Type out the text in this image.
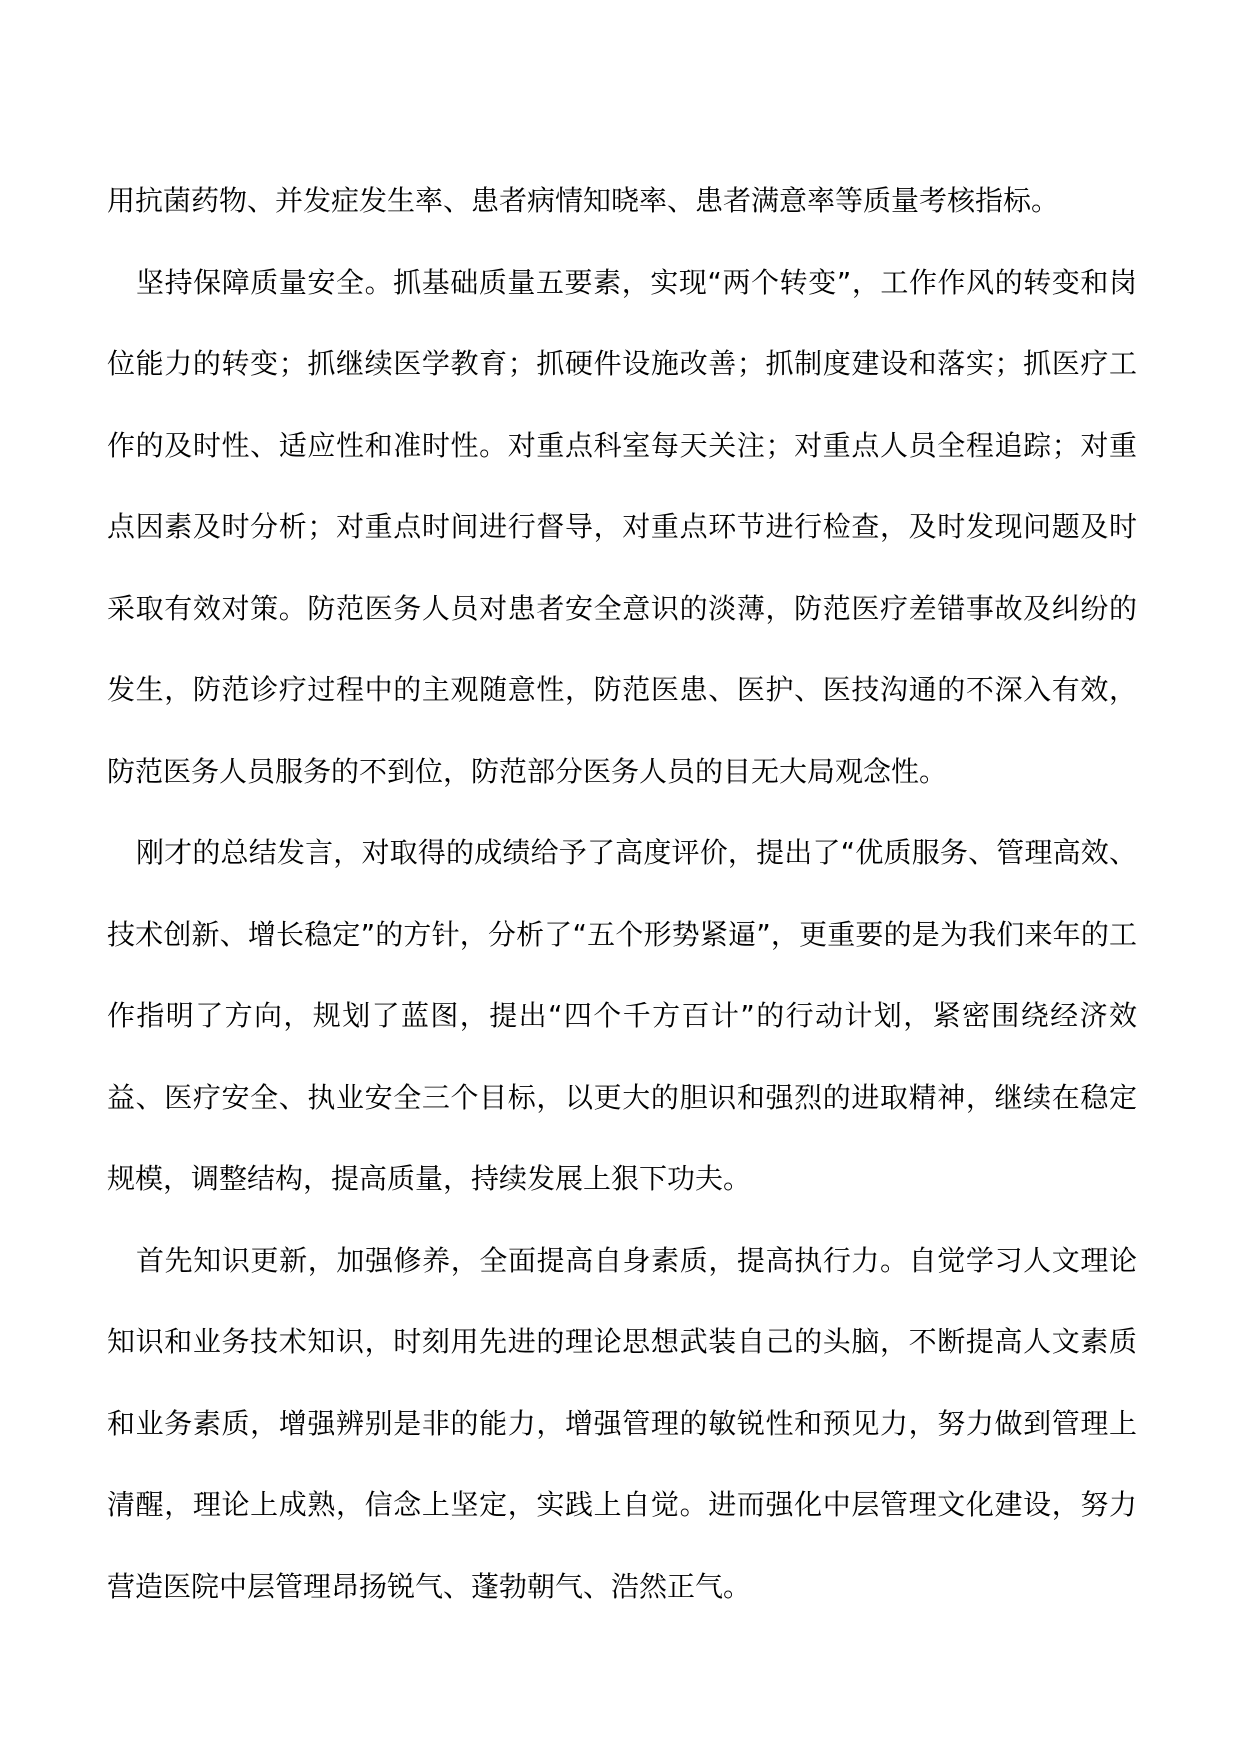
用抗菌药物、并发症发生率、患者病情知晓率、患者满意率等质量考核指标。

坚持保障质量安全。抓基础质量五要素，实现“两个转变”，工作作风的转变和岗位能力的转变；抓继续医学教育；抓硬件设施改善；抓制度建设和落实；抓医疗工作的及时性、适应性和准时性。对重点科室每天关注；对重点人员全程追踪；对重点因素及时分析；对重点时间进行督导，对重点环节进行检查，及时发现问题及时采取有效对策。防范医务人员对患者安全意识的淡薄，防范医疗差错事故及纠纷的发生，防范诊疗过程中的主观随意性，防范医患、医护、医技沟通的不深入有效，防范医务人员服务的不到位，防范部分医务人员的目无大局观念性。

刚才的总结发言，对取得的成绩给予了高度评价，提出了“优质服务、管理高效、技术创新、增长稳定”的方针，分析了“五个形势紧逼”，更重要的是为我们来年的工作指明了方向，规划了蓝图，提出“四个千方百计”的行动计划，紧密围绕经济效益、医疗安全、执业安全三个目标，以更大的胆识和强烈的进取精神，继续在稳定规模，调整结构，提高质量，持续发展上狠下功夫。

首先知识更新，加强修养，全面提高自身素质，提高执行力。自觉学习人文理论知识和业务技术知识，时刻用先进的理论思想武装自己的头脑，不断提高人文素质和业务素质，增强辨别是非的能力，增强管理的敏锐性和预见力，努力做到管理上清醒，理论上成熟，信念上坚定，实践上自觉。进而强化中层管理文化建设，努力营造医院中层管理昂扬锐气、蓬勃朝气、浩然正气。
